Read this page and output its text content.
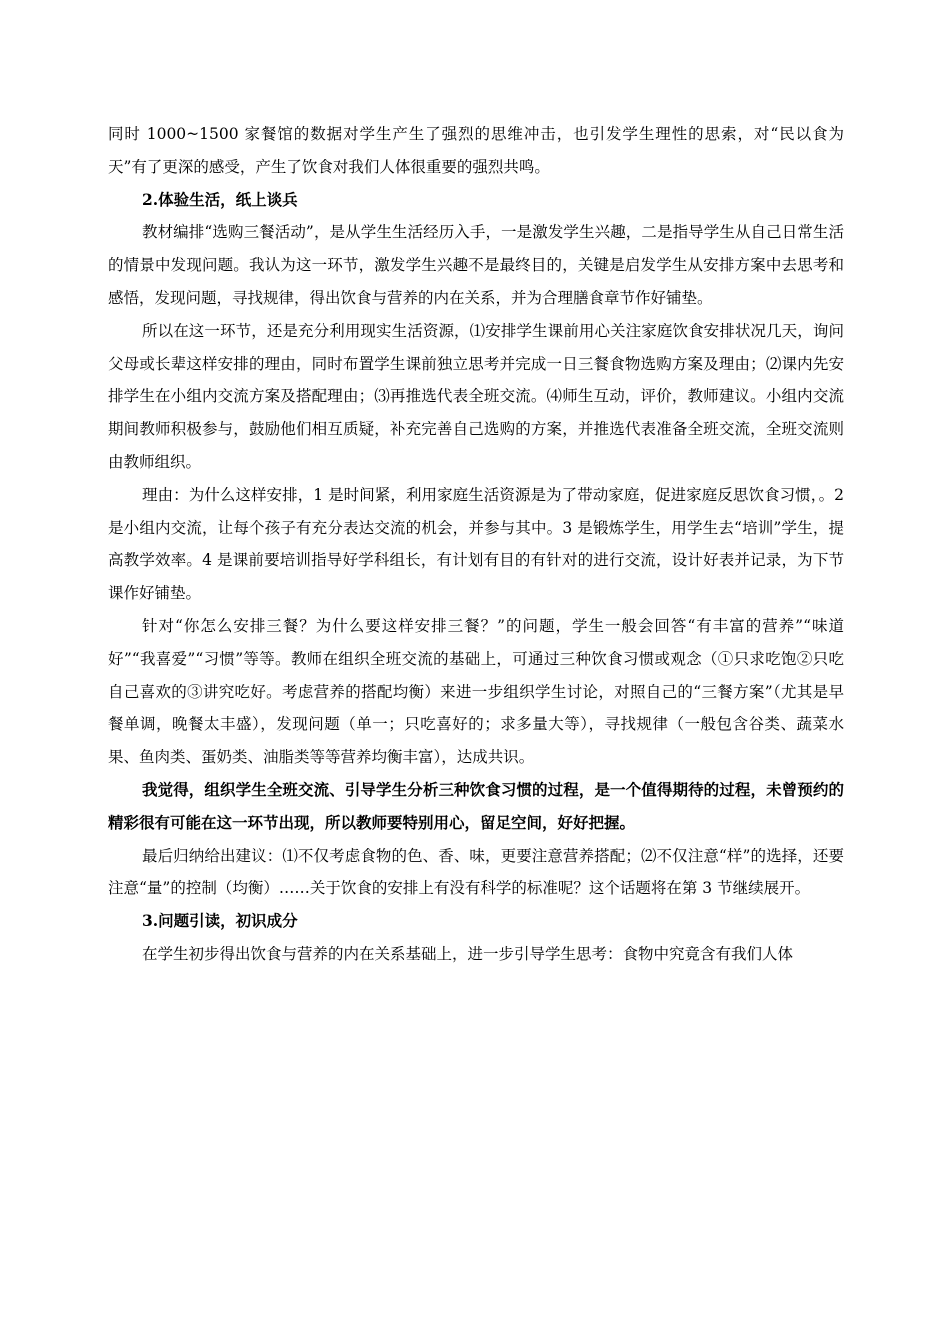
同时 1000~1500 家餐馆的数据对学生产生了强烈的思维冲击，也引发学生理性的思索，对“民以食为天”有了更深的感受，产生了饮食对我们人体很重要的强烈共鸣。

2.体验生活，纸上谈兵

教材编排“选购三餐活动”，是从学生生活经历入手，一是激发学生兴趣，二是指导学生从自己日常生活的情景中发现问题。我认为这一环节，激发学生兴趣不是最终目的，关键是启发学生从安排方案中去思考和感悟，发现问题，寻找规律，得出饮食与营养的内在关系，并为合理膳食章节作好铺垫。

所以在这一环节，还是充分利用现实生活资源，⑴安排学生课前用心关注家庭饮食安排状况几天，询问父母或长辈这样安排的理由，同时布置学生课前独立思考并完成一日三餐食物选购方案及理由；⑵课内先安排学生在小组内交流方案及搭配理由；⑶再推选代表全班交流。⑷师生互动，评价，教师建议。小组内交流期间教师积极参与，鼓励他们相互质疑，补充完善自己选购的方案，并推选代表准备全班交流，全班交流则由教师组织。

理由：为什么这样安排，1 是时间紧，利用家庭生活资源是为了带动家庭，促进家庭反思饮食习惯，。2 是小组内交流，让每个孩子有充分表达交流的机会，并参与其中。3 是锻炼学生，用学生去“培训”学生，提高教学效率。4 是课前要培训指导好学科组长，有计划有目的有针对的进行交流，设计好表并记录，为下节课作好铺垫。

针对“你怎么安排三餐？为什么要这样安排三餐？”的问题，学生一般会回答“有丰富的营养”“味道好”“我喜爱”“习惯”等等。教师在组织全班交流的基础上，可通过三种饮食习惯或观念（①只求吃饱②只吃自己喜欢的③讲究吃好。考虑营养的搭配均衡）来进一步组织学生讨论，对照自己的“三餐方案”（尤其是早餐单调，晚餐太丰盛），发现问题（单一；只吃喜好的；求多量大等），寻找规律（一般包含谷类、蔬菜水果、鱼肉类、蛋奶类、油脂类等等营养均衡丰富），达成共识。

我觉得，组织学生全班交流、引导学生分析三种饮食习惯的过程，是一个值得期待的过程，未曾预约的精彩很有可能在这一环节出现，所以教师要特别用心，留足空间，好好把握。

最后归纳给出建议：⑴不仅考虑食物的色、香、味，更要注意营养搭配；⑵不仅注意“样”的选择，还要注意“量”的控制（均衡）……关于饮食的安排上有没有科学的标准呢？这个话题将在第 3 节继续展开。

3.问题引读，初识成分

在学生初步得出饮食与营养的内在关系基础上，进一步引导学生思考：食物中究竟含有我们人体
